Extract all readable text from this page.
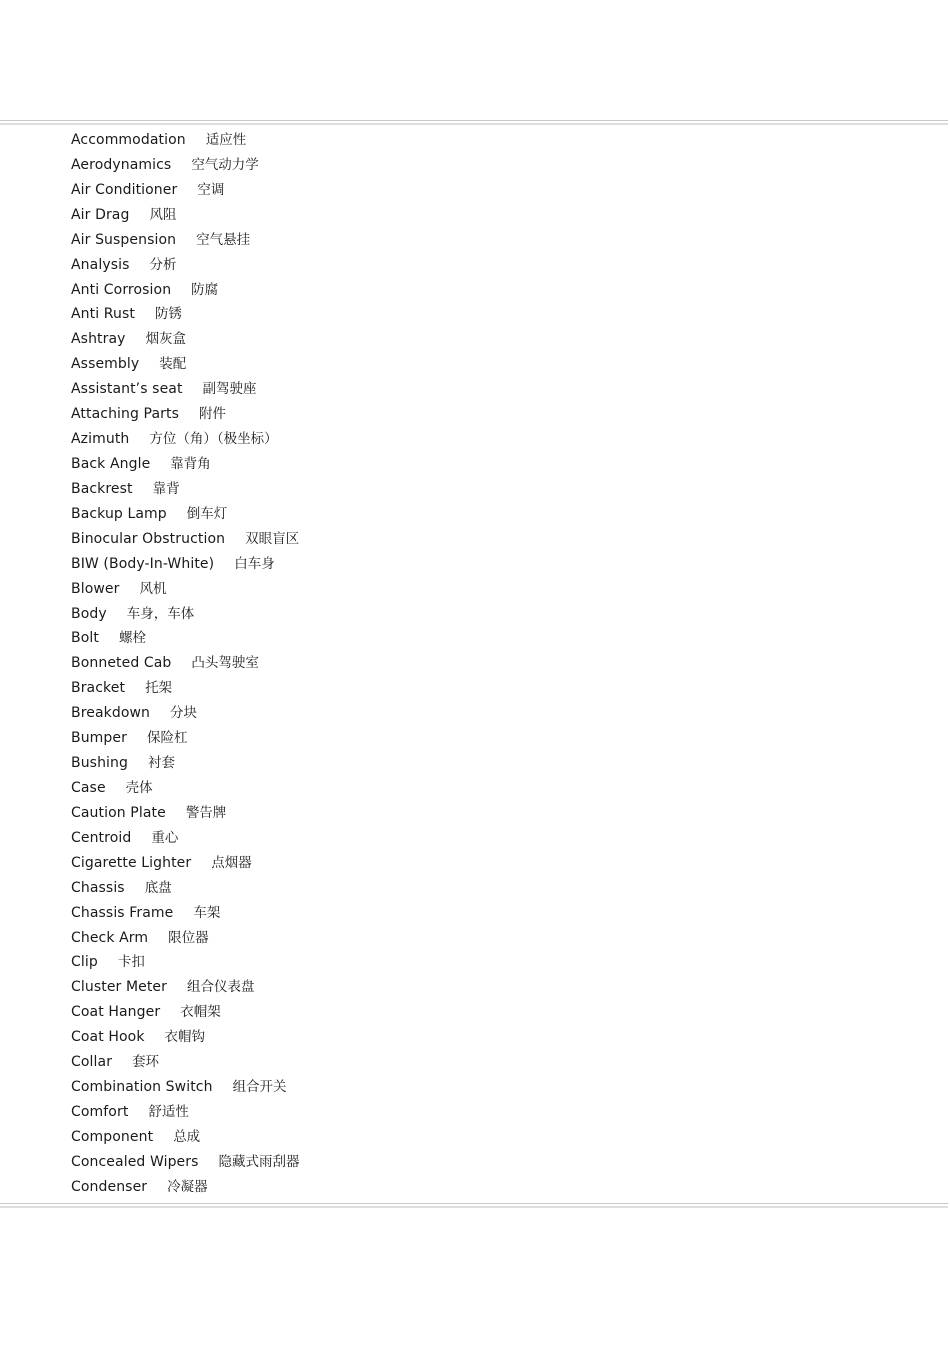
Accommodation 适应性
Aerodynamics 空气动力学
Air Conditioner 空调
Air Drag 风阻
Air Suspension 空气悬挂
Analysis 分析
Anti Corrosion 防腐
Anti Rust 防锈
Ashtray 烟灰盒
Assembly 装配
Assistant’s seat 副驾驶座
Attaching Parts 附件
Azimuth 方位（角）（极坐标）
Back Angle 靠背角
Backrest 靠背
Backup Lamp 倒车灯
Binocular Obstruction 双眼盲区
BIW (Body-In-White) 白车身
Blower 风机
Body 车身，车体
Bolt 螺栓
Bonneted Cab 凸头驾驶室
Bracket 托架
Breakdown 分块
Bumper 保险杠
Bushing 衬套
Case 壳体
Caution Plate 警告牌
Centroid 重心
Cigarette Lighter 点烟器
Chassis 底盘
Chassis Frame 车架
Check Arm 限位器
Clip 卡扣
Cluster Meter 组合仪表盘
Coat Hanger 衣帽架
Coat Hook 衣帽钩
Collar 套环
Combination Switch 组合开关
Comfort 舒适性
Component 总成
Concealed Wipers 隐藏式雨刮器
Condenser 冷凝器
